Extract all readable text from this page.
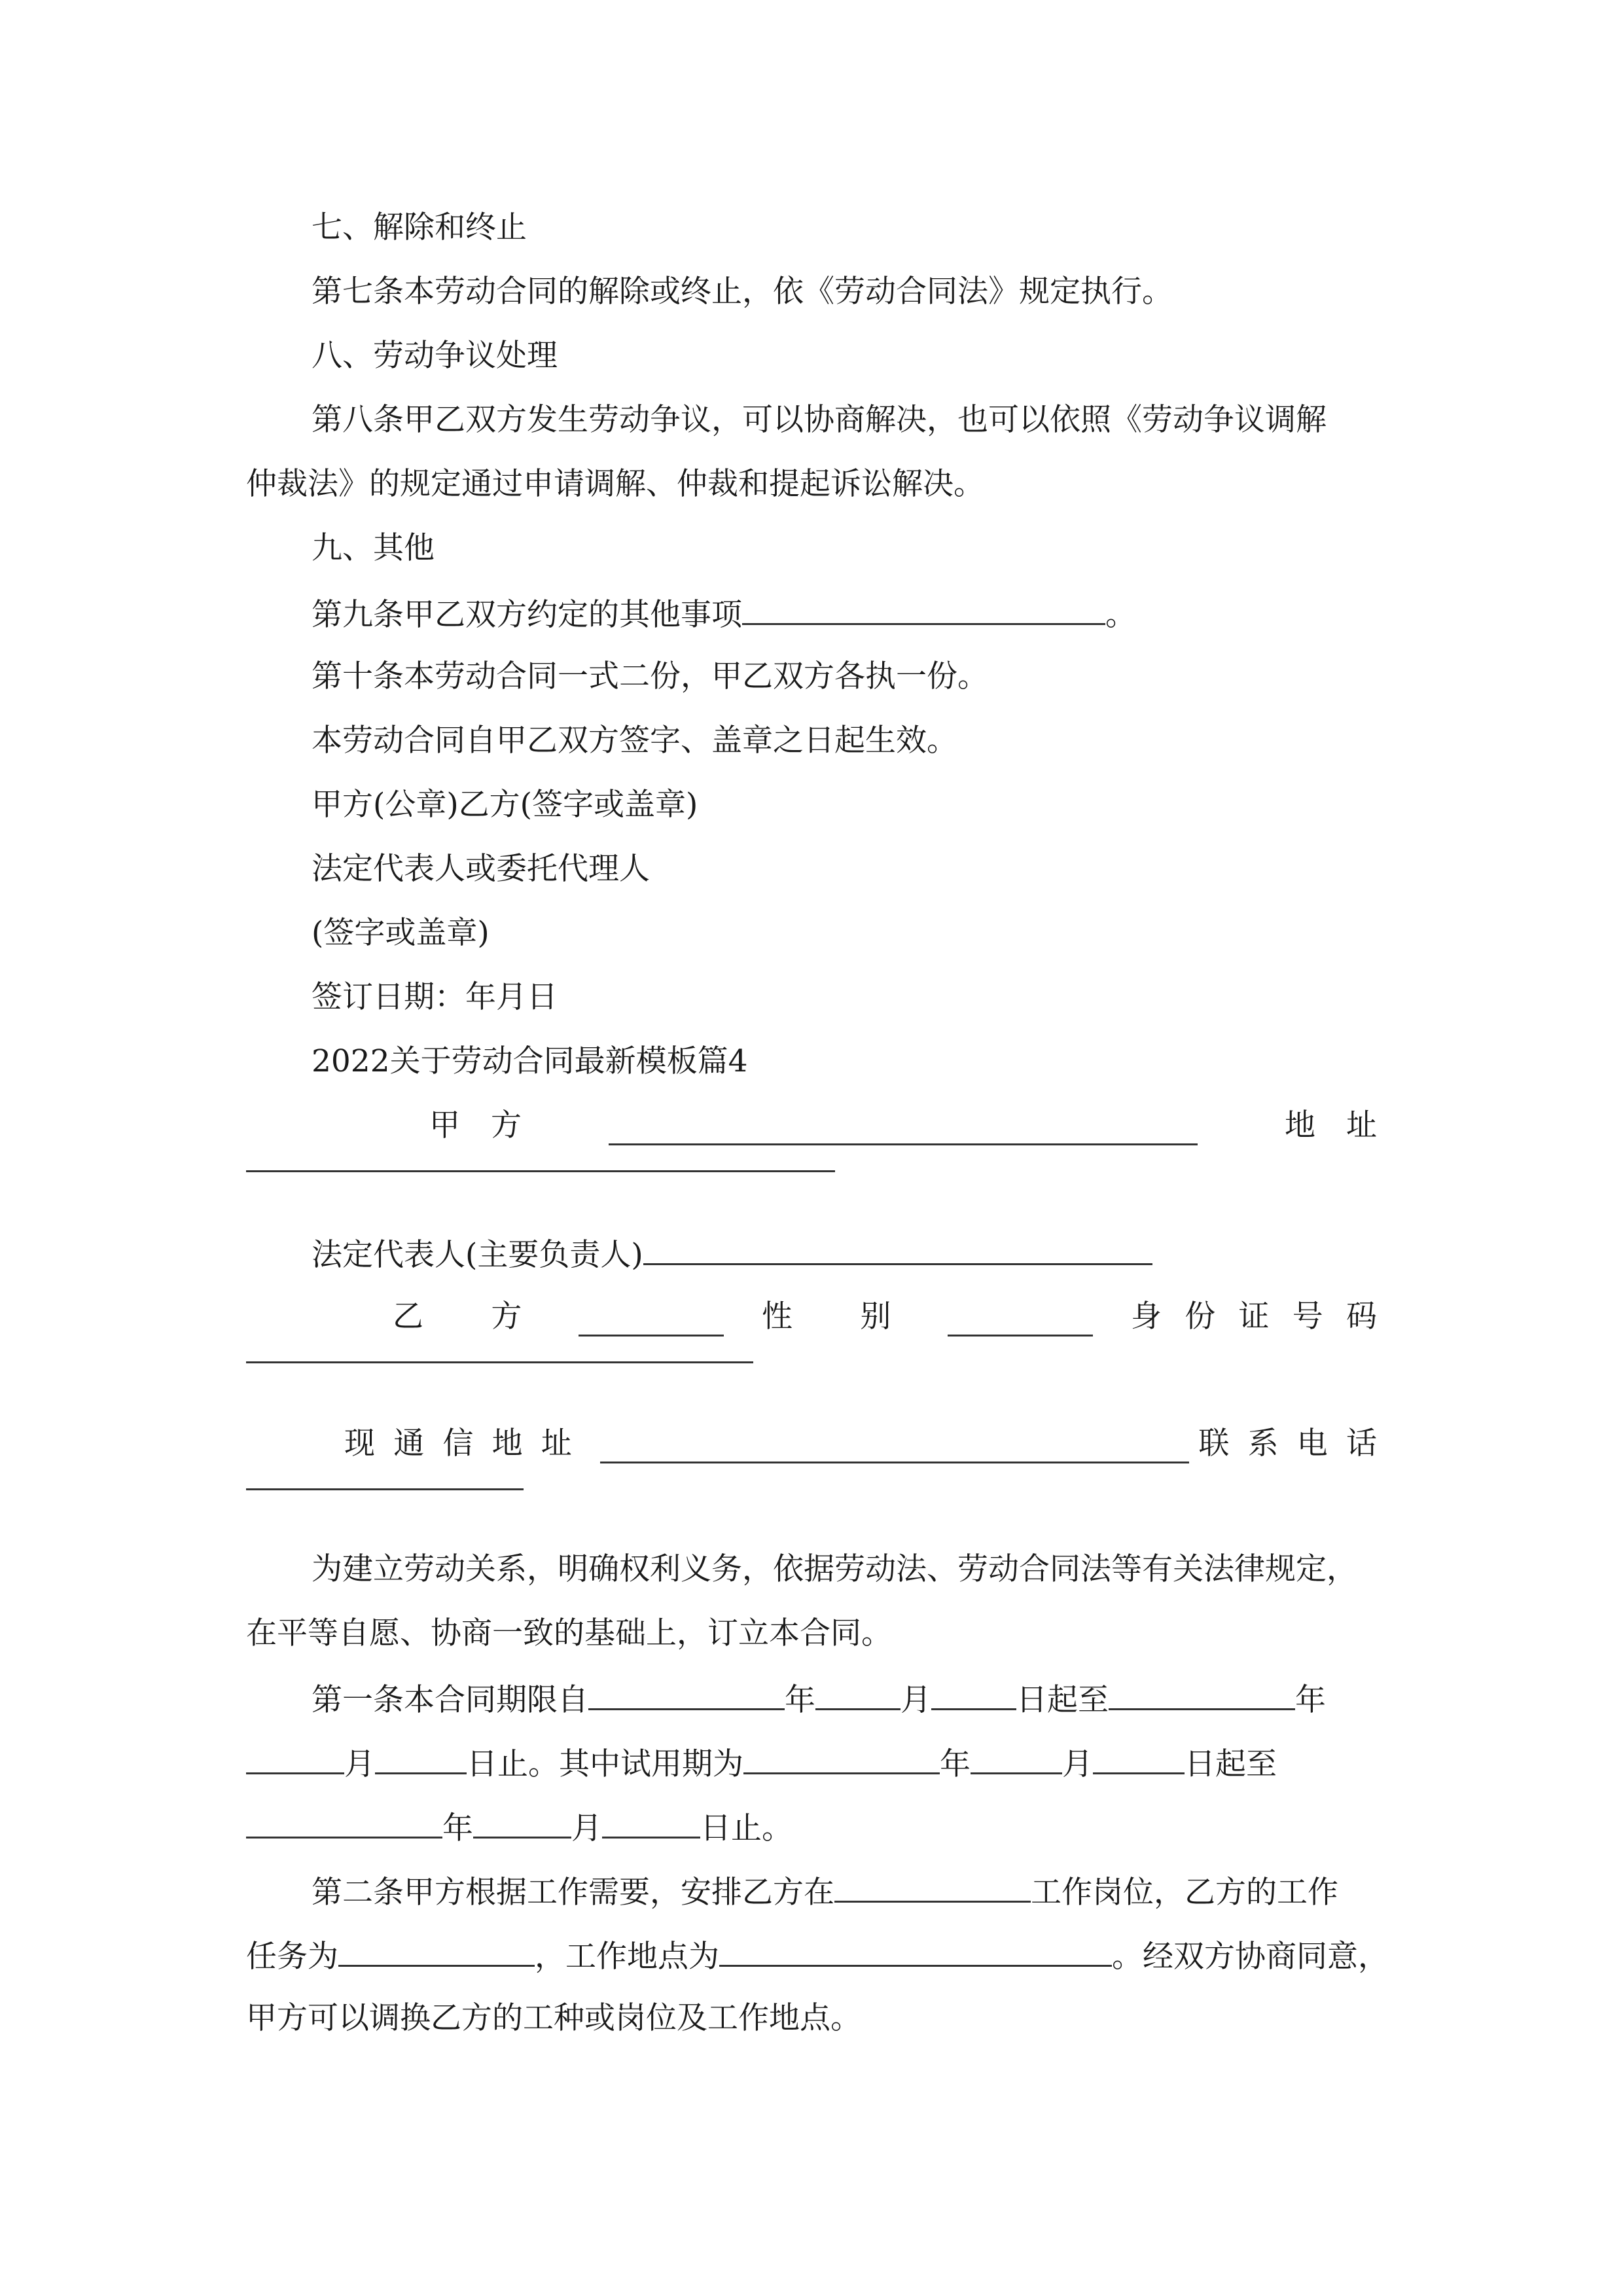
七、解除和终止
第七条本劳动合同的解除或终止，依《劳动合同法》规定执行。
八、劳动争议处理
第八条甲乙双方发生劳动争议，可以协商解决，也可以依照《劳动争议调解
仲裁法》的规定通过申请调解、仲裁和提起诉讼解决。
九、其他
第九条甲乙双方约定的其他事项	。
第十条本劳动合同一式二份，甲乙双方各执一份。
本劳动合同自甲乙双方签字、盖章之日起生效。
甲方(公章)乙方(签字或盖章)
法定代表人或委托代理人
(签字或盖章)
签订日期：年月日
2022关于劳动合同最新模板篇4
甲　方	地　址
法定代表人(主要负责人)
乙　方	性　别	身份证号码
现通信地址	联系电话
为建立劳动关系，明确权利义务，依据劳动法、劳动合同法等有关法律规定，
在平等自愿、协商一致的基础上，订立本合同。
第一条本合同期限自	年	月	日起至	年
月	日止。其中试用期为	年	月	日起至
年	月	日止。
第二条甲方根据工作需要，安排乙方在	工作岗位，乙方的工作
任务为	，工作地点为	。经双方协商同意，
甲方可以调换乙方的工种或岗位及工作地点。
